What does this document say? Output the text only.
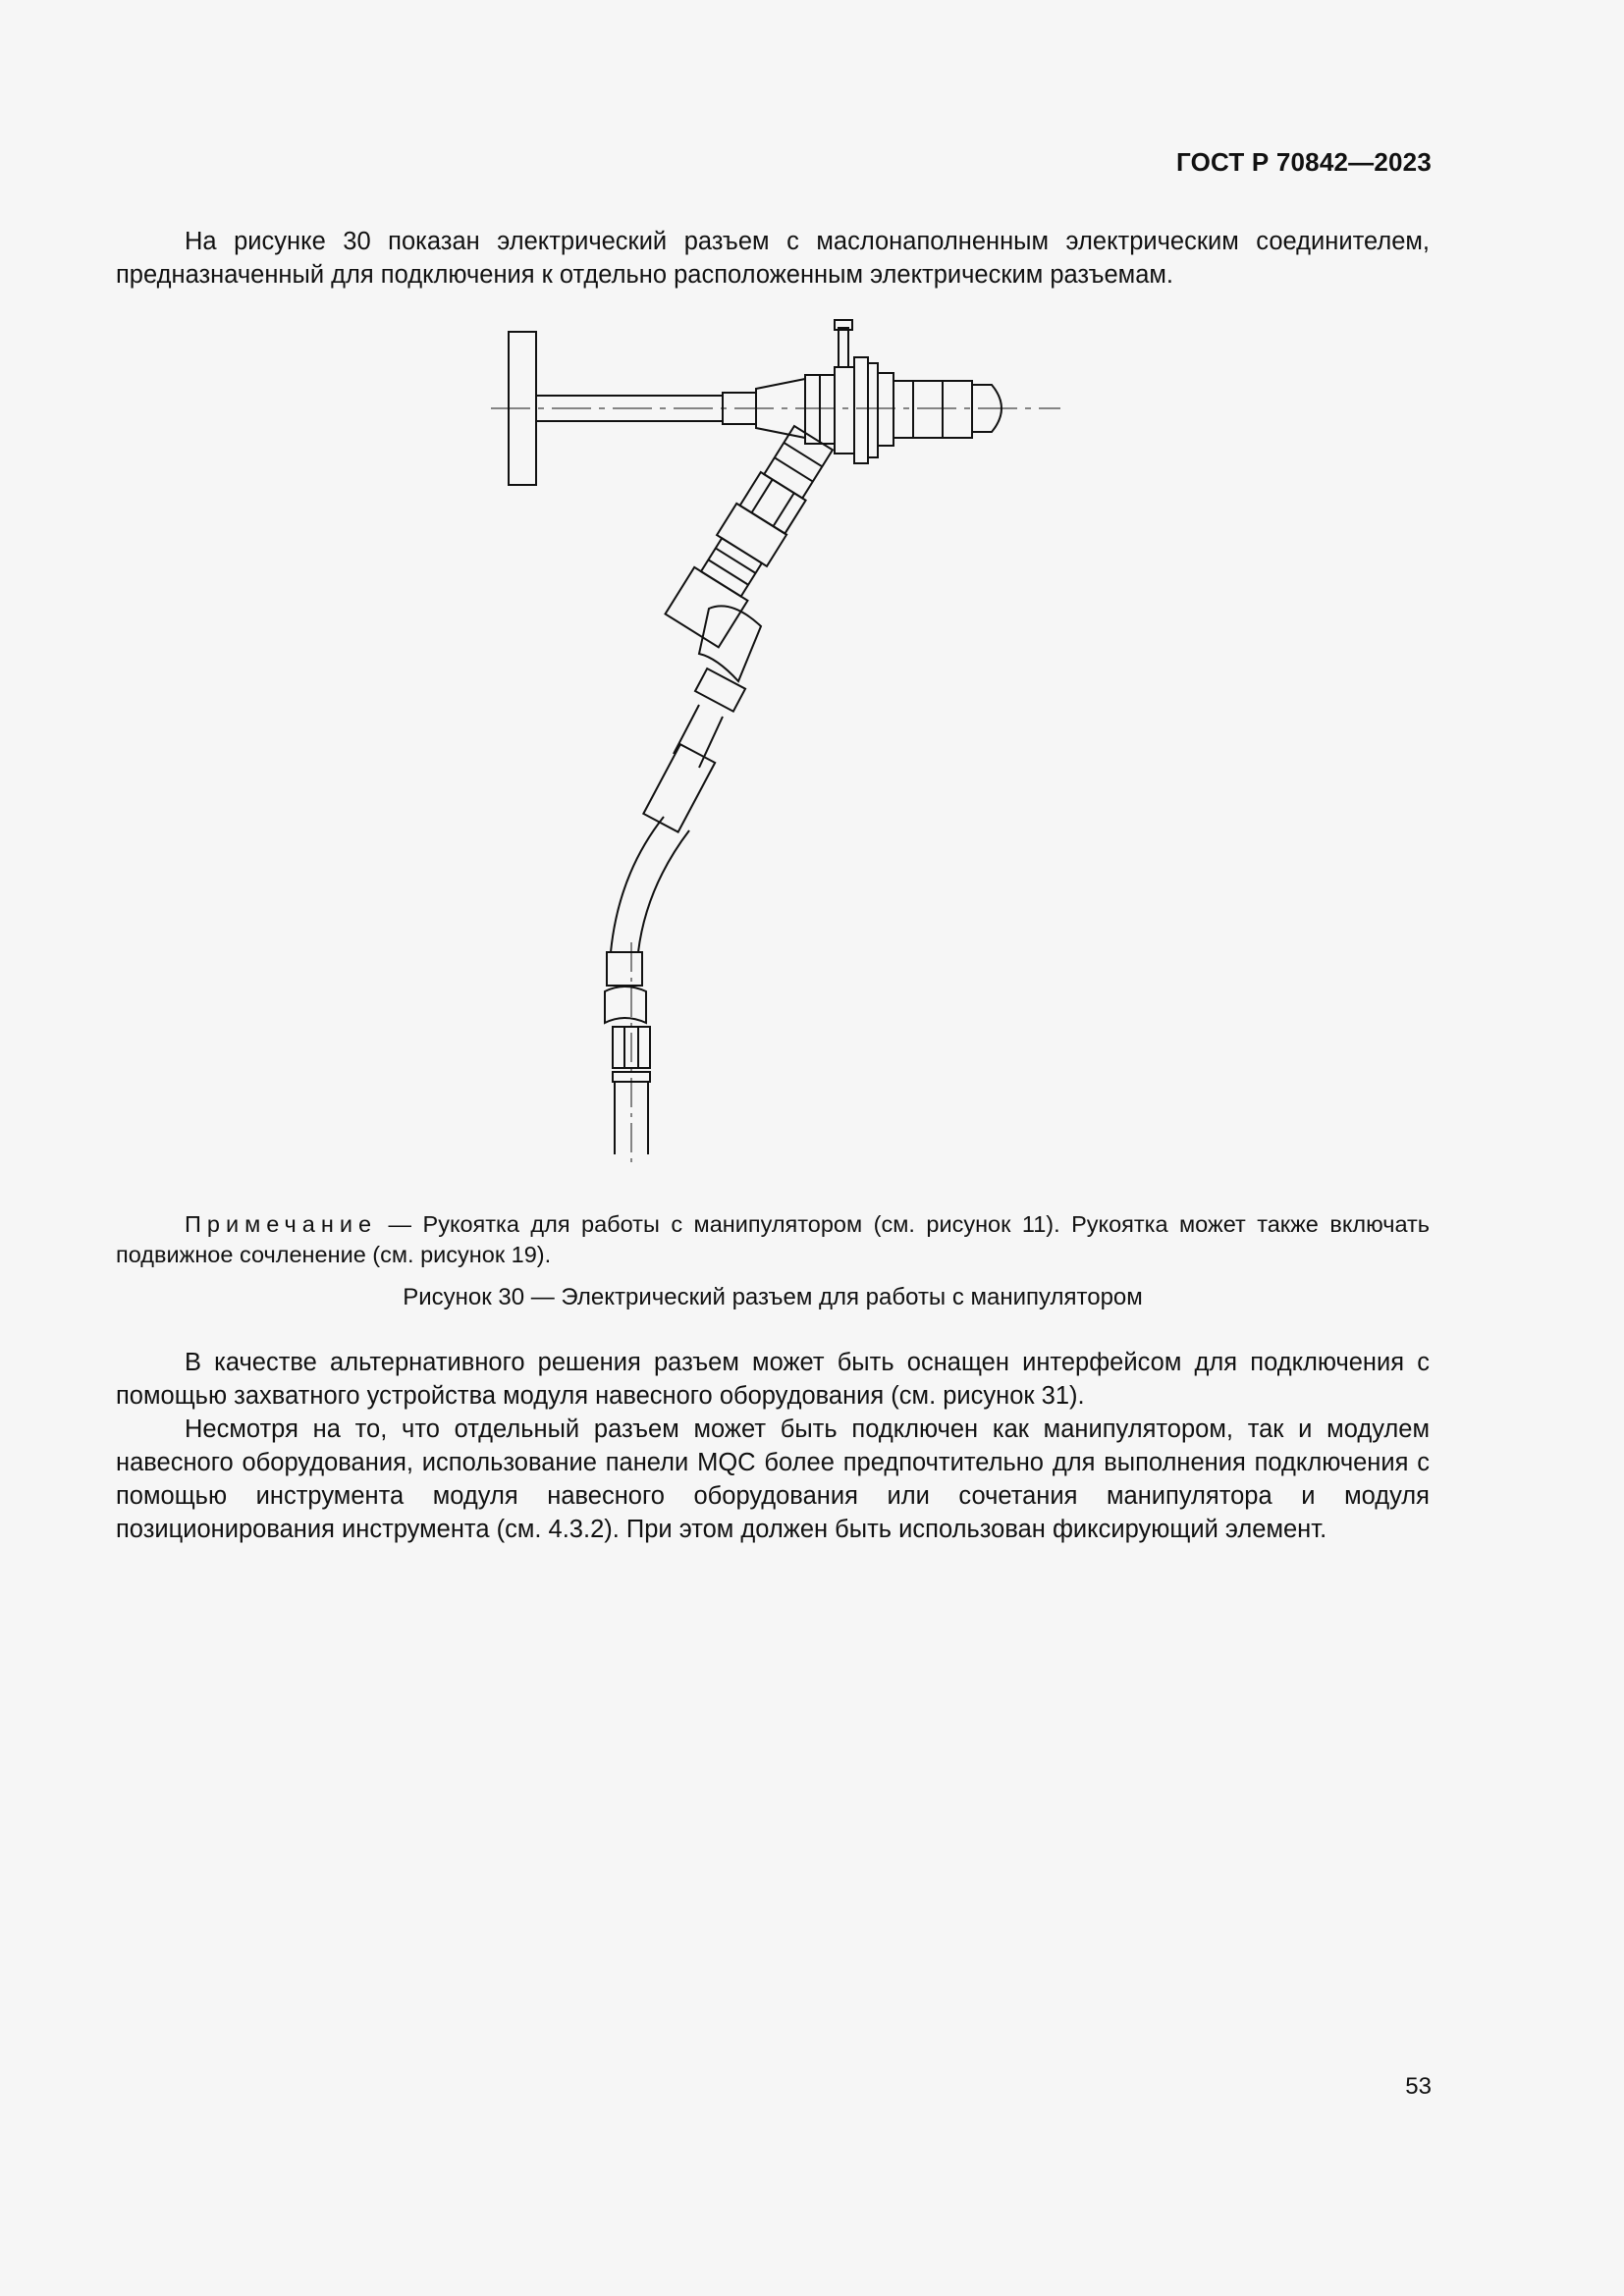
ГОСТ Р 70842—2023

На рисунке 30 показан электрический разъем с маслонаполненным электрическим соединителем, предназначенный для подключения к отдельно расположенным электрическим разъемам.

Примечание — Рукоятка для работы с манипулятором (см. рисунок 11). Рукоятка может также включать подвижное сочленение (см. рисунок 19).

Рисунок 30 — Электрический разъем для работы с манипулятором

В качестве альтернативного решения разъем может быть оснащен интерфейсом для подключения с помощью захватного устройства модуля навесного оборудования (см. рисунок 31).

Несмотря на то, что отдельный разъем может быть подключен как манипулятором, так и модулем навесного оборудования, использование панели MQC более предпочтительно для выполнения подключения с помощью инструмента модуля навесного оборудования или сочетания манипулятора и модуля позиционирования инструмента (см. 4.3.2). При этом должен быть использован фиксирующий элемент.

53
